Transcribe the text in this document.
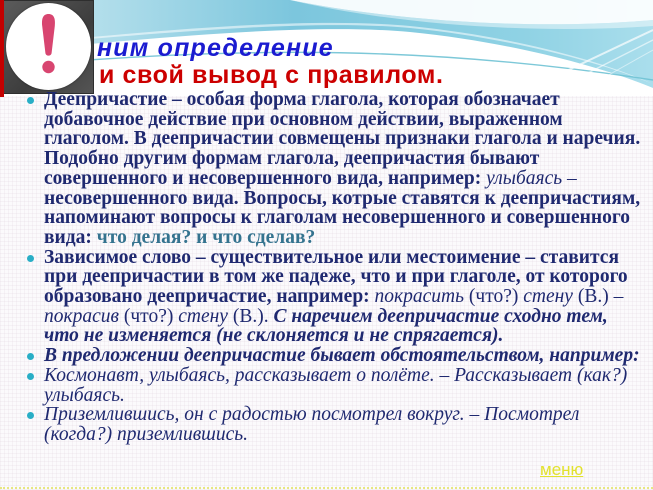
ним определение
и свой вывод с правилом.
Деепричастие – особая форма глагола, которая обозначает добавочное действие при основном действии, выраженном глаголом. В деепричастии совмещены признаки глагола и наречия. Подобно другим формам глагола, деепричастия бывают совершенного и несовершенного вида, например: улыбаясь – несовершенного вида. Вопросы, котрые ставятся к деепричастиям, напоминают вопросы к глаголам несовершенного и совершенного вида: что делая? и что сделав?
Зависимое слово – существительное или местоимение – ставится при деепричастии в том же падеже, что и при глаголе, от которого образовано деепричастие, например: покрасить (что?) стену (В.) – покрасив (что?) стену (В.). С наречием деепричастие сходно тем, что не изменяется (не склоняется и не спрягается).
В предложении деепричастие бывает обстоятельством, например:
Космонавт, улыбаясь, рассказывает о полёте. – Рассказывает (как?) улыбаясь.
Приземлившись, он с радостью посмотрел вокруг. – Посмотрел (когда?) приземлившись.
меню
